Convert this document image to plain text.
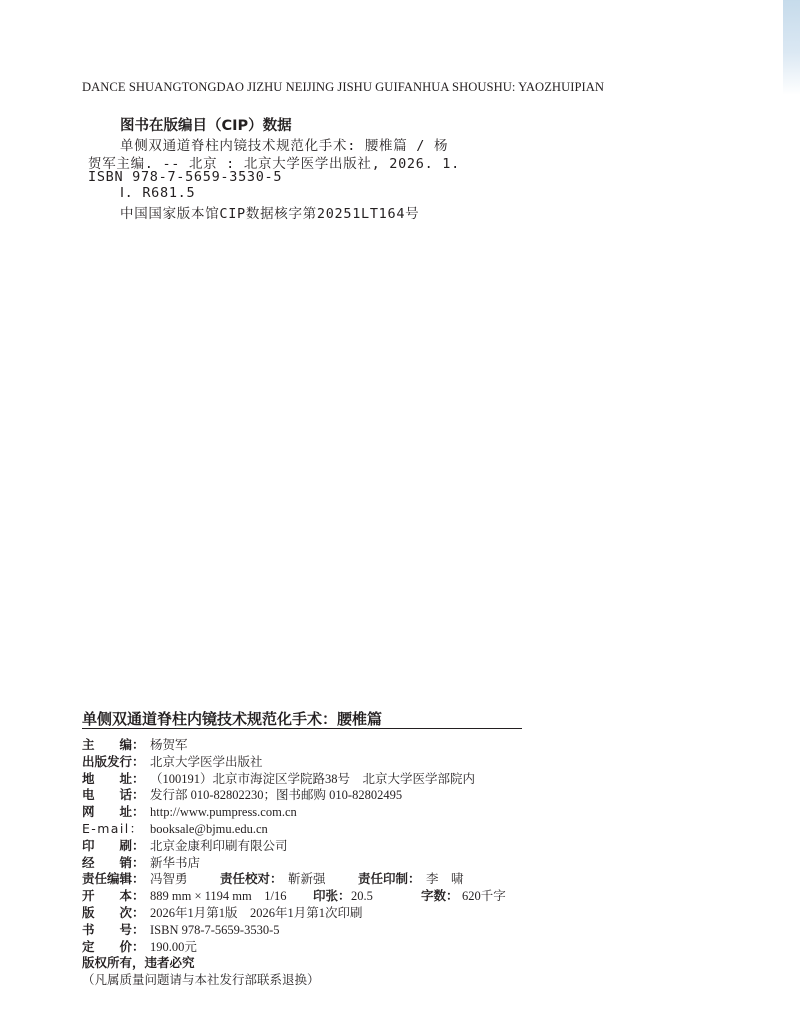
DANCE SHUANGTONGDAO JIZHU NEIJING JISHU GUIFANHUA SHOUSHU: YAOZHUIPIAN
图书在版编目（CIP）数据
单侧双通道脊柱内镜技术规范化手术: 腰椎篇 / 杨
贺军主编. -- 北京 : 北京大学医学出版社, 2026. 1.
ISBN 978-7-5659-3530-5
Ⅰ. R681.5
中国国家版本馆CIP数据核字第20251LT164号
单侧双通道脊柱内镜技术规范化手术：腰椎篇
主　　编： 杨贺军
出版发行： 北京大学医学出版社
地　　址： （100191）北京市海淀区学院路38号　北京大学医学部院内
电　　话： 发行部 010-82802230；图书邮购 010-82802495
网　　址： http://www.pumpress.com.cn
E-mail： booksale@bjmu.edu.cn
印　　刷： 北京金康利印刷有限公司
经　　销： 新华书店
责任编辑： 冯智勇	责任校对： 靳新强	责任印制： 李　啸
开　　本： 889 mm × 1194 mm　1/16 印张：20.5	字数： 620千字
版　　次： 2026年1月第1版　2026年1月第1次印刷
书　　号： ISBN 978-7-5659-3530-5
定　　价： 190.00元
版权所有，违者必究
（凡属质量问题请与本社发行部联系退换）
